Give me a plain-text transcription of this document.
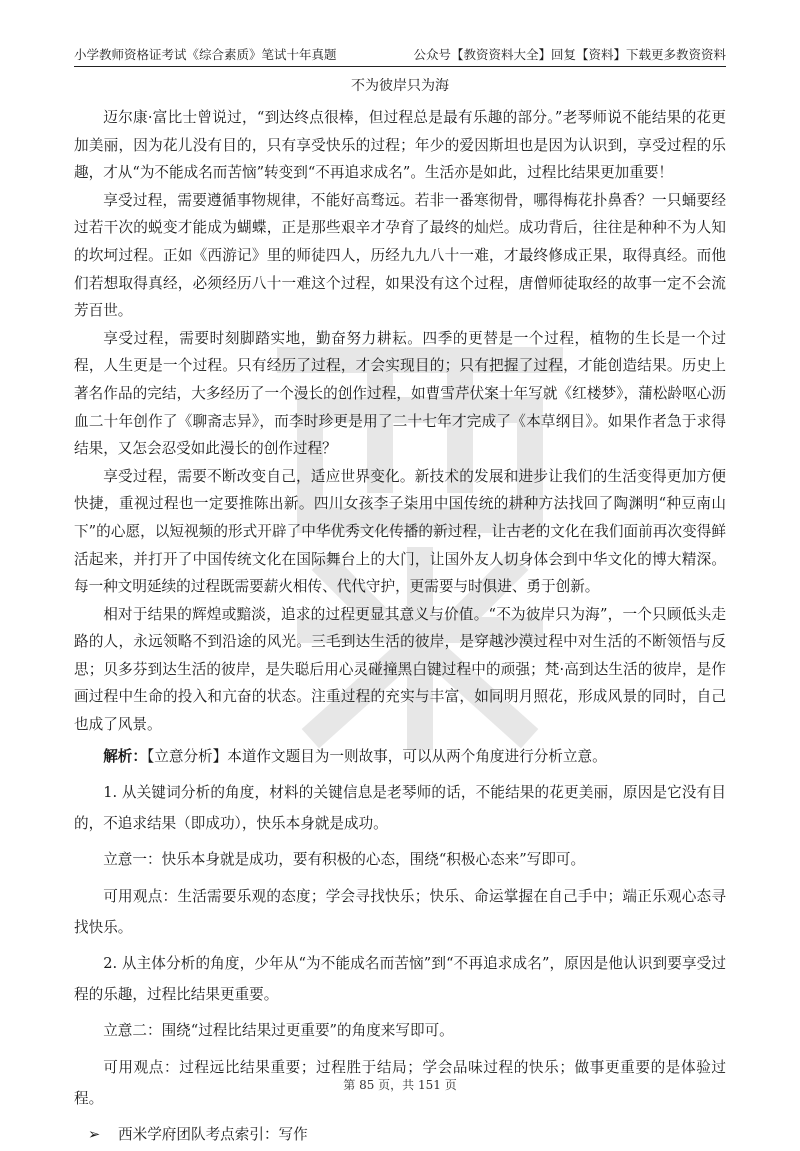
小学教师资格证考试《综合素质》笔试十年真题	公众号【教资资料大全】回复【资料】下载更多教资资料
不为彼岸只为海

迈尔康·富比士曾说过，“到达终点很棒，但过程总是最有乐趣的部分。”老琴师说不能结果的花更加美丽，因为花儿没有目的，只有享受快乐的过程；年少的爱因斯坦也是因为认识到，享受过程的乐趣，才从“为不能成名而苦恼”转变到“不再追求成名”。生活亦是如此，过程比结果更加重要！

享受过程，需要遵循事物规律，不能好高骛远。若非一番寒彻骨，哪得梅花扑鼻香？一只蛹要经过若干次的蜕变才能成为蝴蝶，正是那些艰辛才孕育了最终的灿烂。成功背后，往往是种种不为人知的坎坷过程。正如《西游记》里的师徒四人，历经九九八十一难，才最终修成正果，取得真经。而他们若想取得真经，必须经历八十一难这个过程，如果没有这个过程，唐僧师徒取经的故事一定不会流芳百世。

享受过程，需要时刻脚踏实地，勤奋努力耕耘。四季的更替是一个过程，植物的生长是一个过程，人生更是一个过程。只有经历了过程，才会实现目的；只有把握了过程，才能创造结果。历史上著名作品的完结，大多经历了一个漫长的创作过程，如曹雪芹伏案十年写就《红楼梦》，蒲松龄呕心沥血二十年创作了《聊斋志异》，而李时珍更是用了二十七年才完成了《本草纲目》。如果作者急于求得结果，又怎会忍受如此漫长的创作过程？

享受过程，需要不断改变自己，适应世界变化。新技术的发展和进步让我们的生活变得更加方便快捷，重视过程也一定要推陈出新。四川女孩李子柒用中国传统的耕种方法找回了陶渊明“种豆南山下”的心愿，以短视频的形式开辟了中华优秀文化传播的新过程，让古老的文化在我们面前再次变得鲜活起来，并打开了中国传统文化在国际舞台上的大门，让国外友人切身体会到中华文化的博大精深。每一种文明延续的过程既需要薪火相传、代代守护，更需要与时俱进、勇于创新。

相对于结果的辉煌或黯淡，追求的过程更显其意义与价值。“不为彼岸只为海”，一个只顾低头走路的人，永远领略不到沿途的风光。三毛到达生活的彼岸，是穿越沙漠过程中对生活的不断领悟与反思；贝多芬到达生活的彼岸，是失聪后用心灵碰撞黑白键过程中的顽强；梵·高到达生活的彼岸，是作画过程中生命的投入和亢奋的状态。注重过程的充实与丰富，如同明月照花，形成风景的同时，自己也成了风景。

解析：【立意分析】本道作文题目为一则故事，可以从两个角度进行分析立意。

1. 从关键词分析的角度，材料的关键信息是老琴师的话，不能结果的花更美丽，原因是它没有目的，不追求结果（即成功），快乐本身就是成功。

立意一：快乐本身就是成功，要有积极的心态，围绕“积极心态来”写即可。

可用观点：生活需要乐观的态度；学会寻找快乐；快乐、命运掌握在自己手中；端正乐观心态寻找快乐。

2. 从主体分析的角度，少年从“为不能成名而苦恼”到“不再追求成名”，原因是他认识到要享受过程的乐趣，过程比结果更重要。

立意二：围绕“过程比结果过更重要”的角度来写即可。

可用观点：过程远比结果重要；过程胜于结局；学会品味过程的快乐；做事更重要的是体验过程。

➢ 西米学府团队考点索引：写作

第 85 页，共 151 页
